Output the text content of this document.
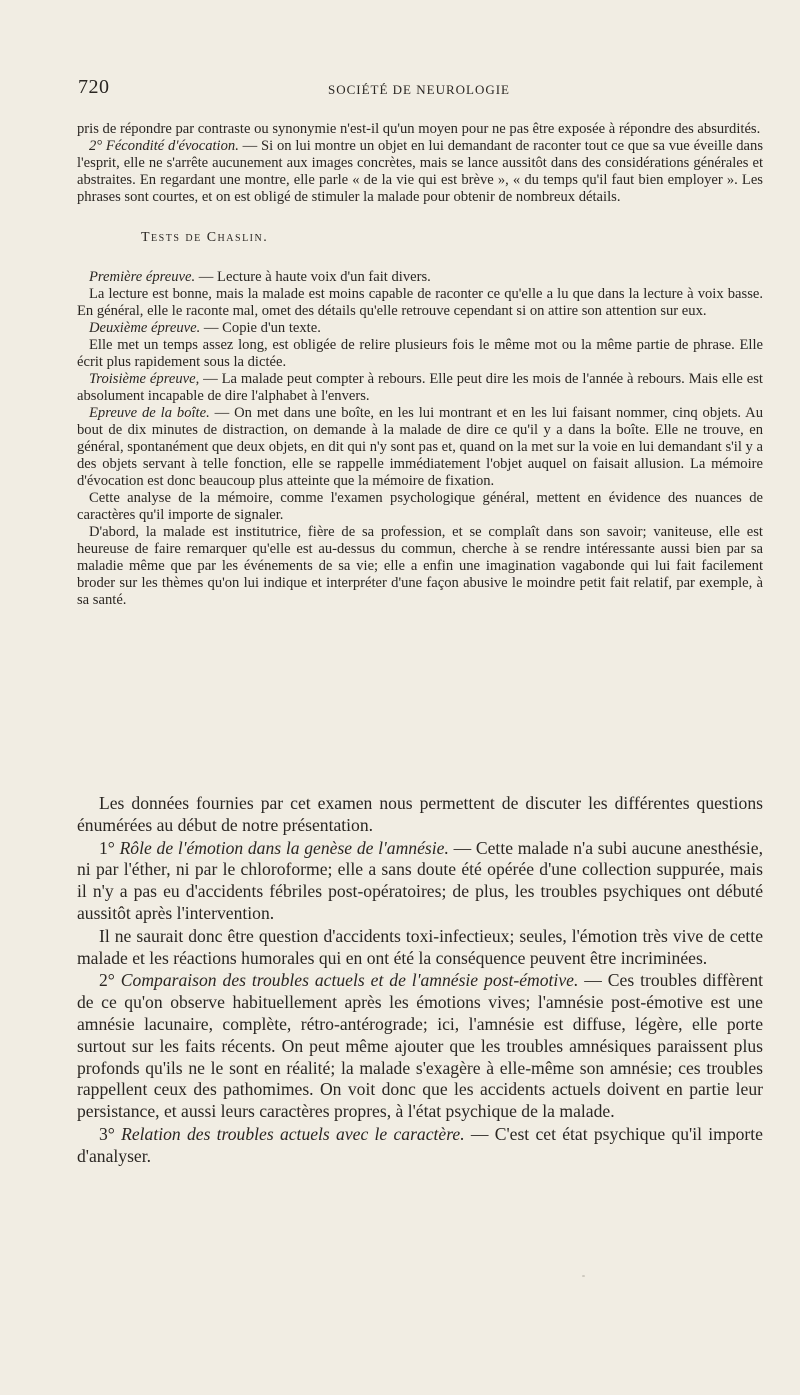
720	SOCIÉTÉ DE NEUROLOGIE

pris de répondre par contraste ou synonymie n'est-il qu'un moyen pour ne pas être exposée à répondre des absurdités.

2° Fécondité d'évocation. — Si on lui montre un objet en lui demandant de raconter tout ce que sa vue éveille dans l'esprit, elle ne s'arrête aucunement aux images concrètes, mais se lance aussitôt dans des considérations générales et abstraites. En regardant une montre, elle parle « de la vie qui est brève », « du temps qu'il faut bien employer ». Les phrases sont courtes, et on est obligé de stimuler la malade pour obtenir de nombreux détails.

Tests de Chaslin.

Première épreuve. — Lecture à haute voix d'un fait divers.

La lecture est bonne, mais la malade est moins capable de raconter ce qu'elle a lu que dans la lecture à voix basse. En général, elle le raconte mal, omet des détails qu'elle retrouve cependant si on attire son attention sur eux.

Deuxième épreuve. — Copie d'un texte.

Elle met un temps assez long, est obligée de relire plusieurs fois le même mot ou la même partie de phrase. Elle écrit plus rapidement sous la dictée.

Troisième épreuve, — La malade peut compter à rebours. Elle peut dire les mois de l'année à rebours. Mais elle est absolument incapable de dire l'alphabet à l'envers.

Epreuve de la boîte. — On met dans une boîte, en les lui montrant et en les lui faisant nommer, cinq objets. Au bout de dix minutes de distraction, on demande à la malade de dire ce qu'il y a dans la boîte. Elle ne trouve, en général, spontanément que deux objets, en dit qui n'y sont pas et, quand on la met sur la voie en lui demandant s'il y a des objets servant à telle fonction, elle se rappelle immédiatement l'objet auquel on faisait allusion. La mémoire d'évocation est donc beaucoup plus atteinte que la mémoire de fixation.

Cette analyse de la mémoire, comme l'examen psychologique général, mettent en évidence des nuances de caractères qu'il importe de signaler.

D'abord, la malade est institutrice, fière de sa profession, et se complaît dans son savoir; vaniteuse, elle est heureuse de faire remarquer qu'elle est au-dessus du commun, cherche à se rendre intéressante aussi bien par sa maladie même que par les événements de sa vie; elle a enfin une imagination vagabonde qui lui fait facilement broder sur les thèmes qu'on lui indique et interpréter d'une façon abusive le moindre petit fait relatif, par exemple, à sa santé.

Les données fournies par cet examen nous permettent de discuter les différentes questions énumérées au début de notre présentation.

1° Rôle de l'émotion dans la genèse de l'amnésie. — Cette malade n'a subi aucune anesthésie, ni par l'éther, ni par le chloroforme; elle a sans doute été opérée d'une collection suppurée, mais il n'y a pas eu d'accidents fébriles post-opératoires; de plus, les troubles psychiques ont débuté aussitôt après l'intervention.

Il ne saurait donc être question d'accidents toxi-infectieux; seules, l'émotion très vive de cette malade et les réactions humorales qui en ont été la conséquence peuvent être incriminées.

2° Comparaison des troubles actuels et de l'amnésie post-émotive. — Ces troubles diffèrent de ce qu'on observe habituellement après les émotions vives; l'amnésie post-émotive est une amnésie lacunaire, complète, rétro-antérograde; ici, l'amnésie est diffuse, légère, elle porte surtout sur les faits récents. On peut même ajouter que les troubles amnésiques paraissent plus profonds qu'ils ne le sont en réalité; la malade s'exagère à elle-même son amnésie; ces troubles rappellent ceux des pathomimes. On voit donc que les accidents actuels doivent en partie leur persistance, et aussi leurs caractères propres, à l'état psychique de la malade.

3° Relation des troubles actuels avec le caractère. — C'est cet état psychique qu'il importe d'analyser.
